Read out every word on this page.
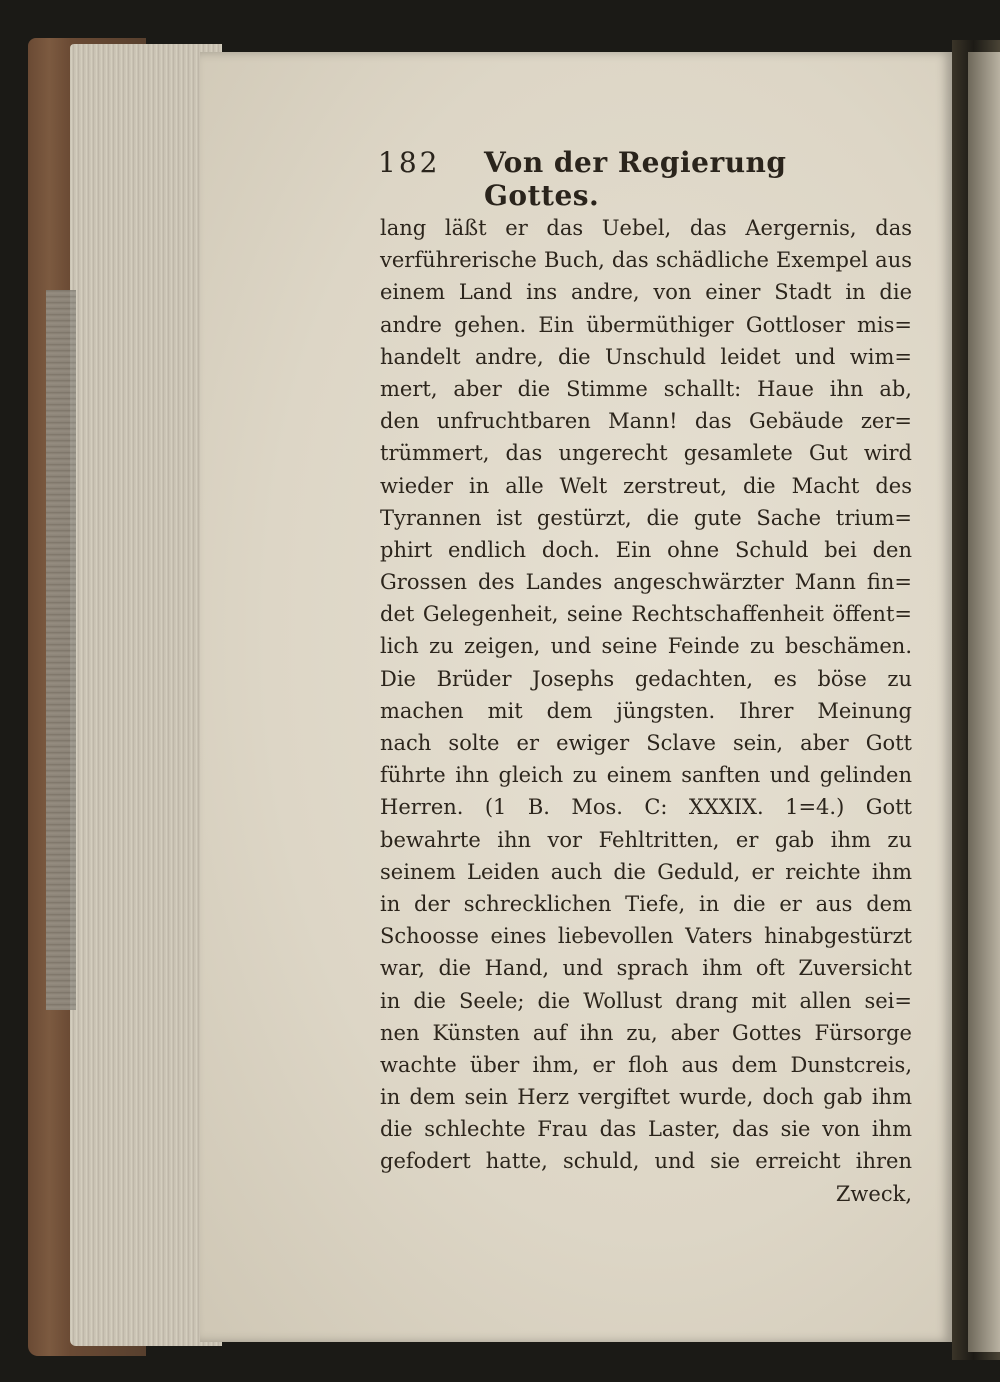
182 Von der Regierung Gottes.
lang läßt er das Uebel, das Aergernis, das
verführerische Buch, das schädliche Exempel aus
einem Land ins andre, von einer Stadt in die
andre gehen. Ein übermüthiger Gottloser mis=
handelt andre, die Unschuld leidet und wim=
mert, aber die Stimme schallt: Haue ihn ab,
den unfruchtbaren Mann! das Gebäude zer=
trümmert, das ungerecht gesamlete Gut wird
wieder in alle Welt zerstreut, die Macht des
Tyrannen ist gestürzt, die gute Sache trium=
phirt endlich doch. Ein ohne Schuld bei den
Grossen des Landes angeschwärzter Mann fin=
det Gelegenheit, seine Rechtschaffenheit öffent=
lich zu zeigen, und seine Feinde zu beschämen.
Die Brüder Josephs gedachten, es böse zu
machen mit dem jüngsten. Ihrer Meinung
nach solte er ewiger Sclave sein, aber Gott
führte ihn gleich zu einem sanften und gelinden
Herren. (1 B. Mos. C: XXXIX. 1=4.) Gott
bewahrte ihn vor Fehltritten, er gab ihm zu
seinem Leiden auch die Geduld, er reichte ihm
in der schrecklichen Tiefe, in die er aus dem
Schoosse eines liebevollen Vaters hinabgestürzt
war, die Hand, und sprach ihm oft Zuversicht
in die Seele; die Wollust drang mit allen sei=
nen Künsten auf ihn zu, aber Gottes Fürsorge
wachte über ihm, er floh aus dem Dunstcreis,
in dem sein Herz vergiftet wurde, doch gab ihm
die schlechte Frau das Laster, das sie von ihm
gefodert hatte, schuld, und sie erreicht ihren
Zweck,
